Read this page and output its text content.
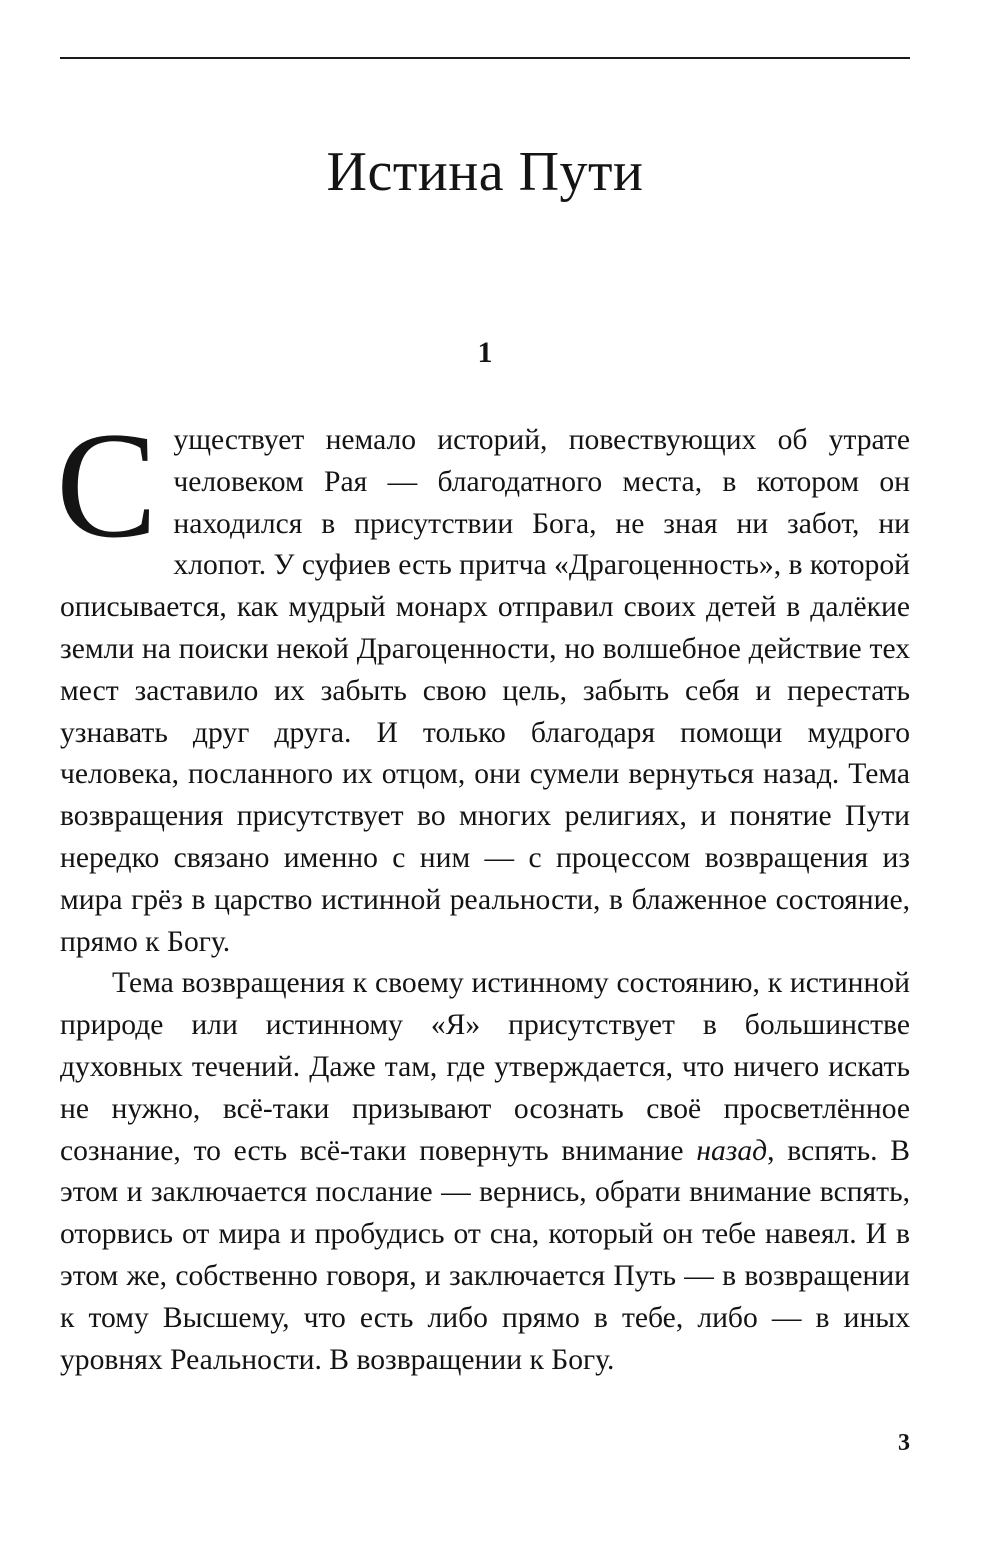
Истина Пути
1

Существует немало историй, повествующих об утрате человеком Рая — благодатного места, в котором он находился в присутствии Бога, не зная ни забот, ни хлопот. У суфиев есть притча «Драгоценность», в которой описывается, как мудрый монарх отправил своих детей в далёкие земли на поиски некой Драгоценности, но волшебное действие тех мест заставило их забыть свою цель, забыть себя и перестать узнавать друг друга. И только благодаря помощи мудрого человека, посланного их отцом, они сумели вернуться назад. Тема возвращения присутствует во многих религиях, и понятие Пути нередко связано именно с ним — с процессом возвращения из мира грёз в царство истинной реальности, в блаженное состояние, прямо к Богу.

Тема возвращения к своему истинному состоянию, к истинной природе или истинному «Я» присутствует в большинстве духовных течений. Даже там, где утверждается, что ничего искать не нужно, всё-таки призывают осознать своё просветлённое сознание, то есть всё-таки повернуть внимание назад, вспять. В этом и заключается послание — вернись, обрати внимание вспять, оторвись от мира и пробудись от сна, который он тебе навеял. И в этом же, собственно говоря, и заключается Путь — в возвращении к тому Высшему, что есть либо прямо в тебе, либо — в иных уровнях Реальности. В возвращении к Богу.

3
